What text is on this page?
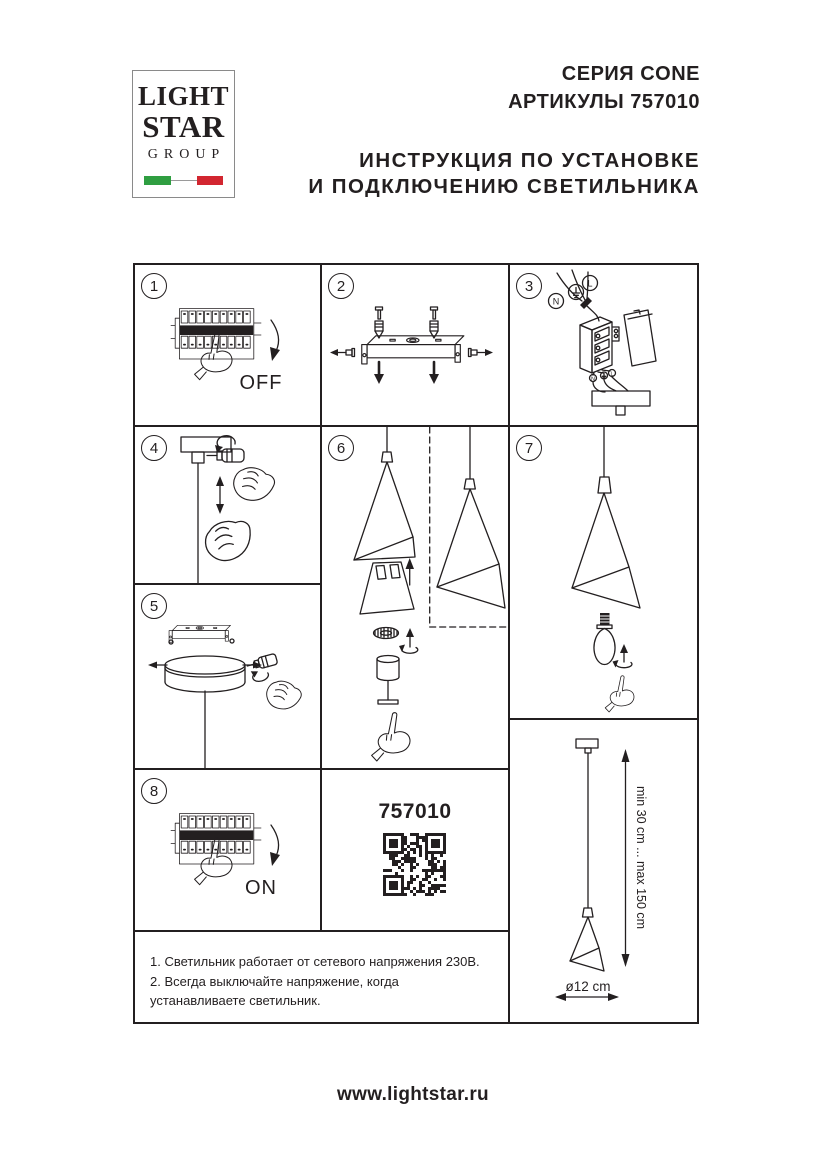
LIGHT
STAR
GROUP
СЕРИЯ CONE
АРТИКУЛЫ 757010
ИНСТРУКЦИЯ ПО УСТАНОВКЕ
И ПОДКЛЮЧЕНИЮ СВЕТИЛЬНИКА
1
OFF
2	3
N
L
N
L
4
5
6	7
8
ON
757010	min 30 cm ... max 150 cm
ø12 cm

1. Светильник работает от сетевого напряжения 230В.

2. Всегда выключайте напряжение, когда устанавливаете светильник.

www.lightstar.ru
